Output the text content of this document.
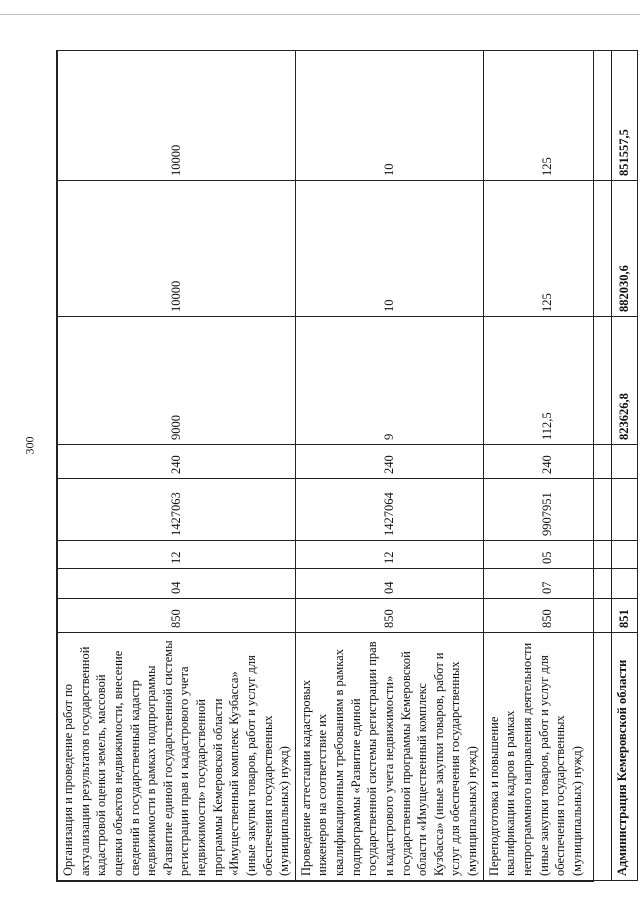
300
Организация и проведение работ по актуализации результатов государственной кадастровой оценки земель, массовой оценки объектов недвижимости, внесение сведений в государственный кадастр недвижимости в рамках подпрограммы «Развитие единой государственной системы регистрации прав и кадастрового учета недвижимости» государственной программы Кемеровской области «Имущественный комплекс Кузбасса» (иные закупки товаров, работ и услуг для обеспечения государственных (муниципальных) нужд)	850	04	12	1427063	240	9000	10000	10000
Проведение аттестации кадастровых инженеров на соответствие их квалификационным требованиям в рамках подпрограммы «Развитие единой государственной системы регистрации прав и кадастрового учета недвижимости» государственной программы Кемеровской области «Имущественный комплекс Кузбасса» (иные закупки товаров, работ и услуг для обеспечения государственных (муниципальных) нужд)	850	04	12	1427064	240	9	10	10
Переподготовка и повышение квалификации кадров в рамках непрограммного направления деятельности (иные закупки товаров, работ и услуг для обеспечения государственных (муниципальных) нужд)	850	07	05	9907951	240	112,5	125	125
Администрация Кемеровской области	851					823626,8	882030,6	851557,5
